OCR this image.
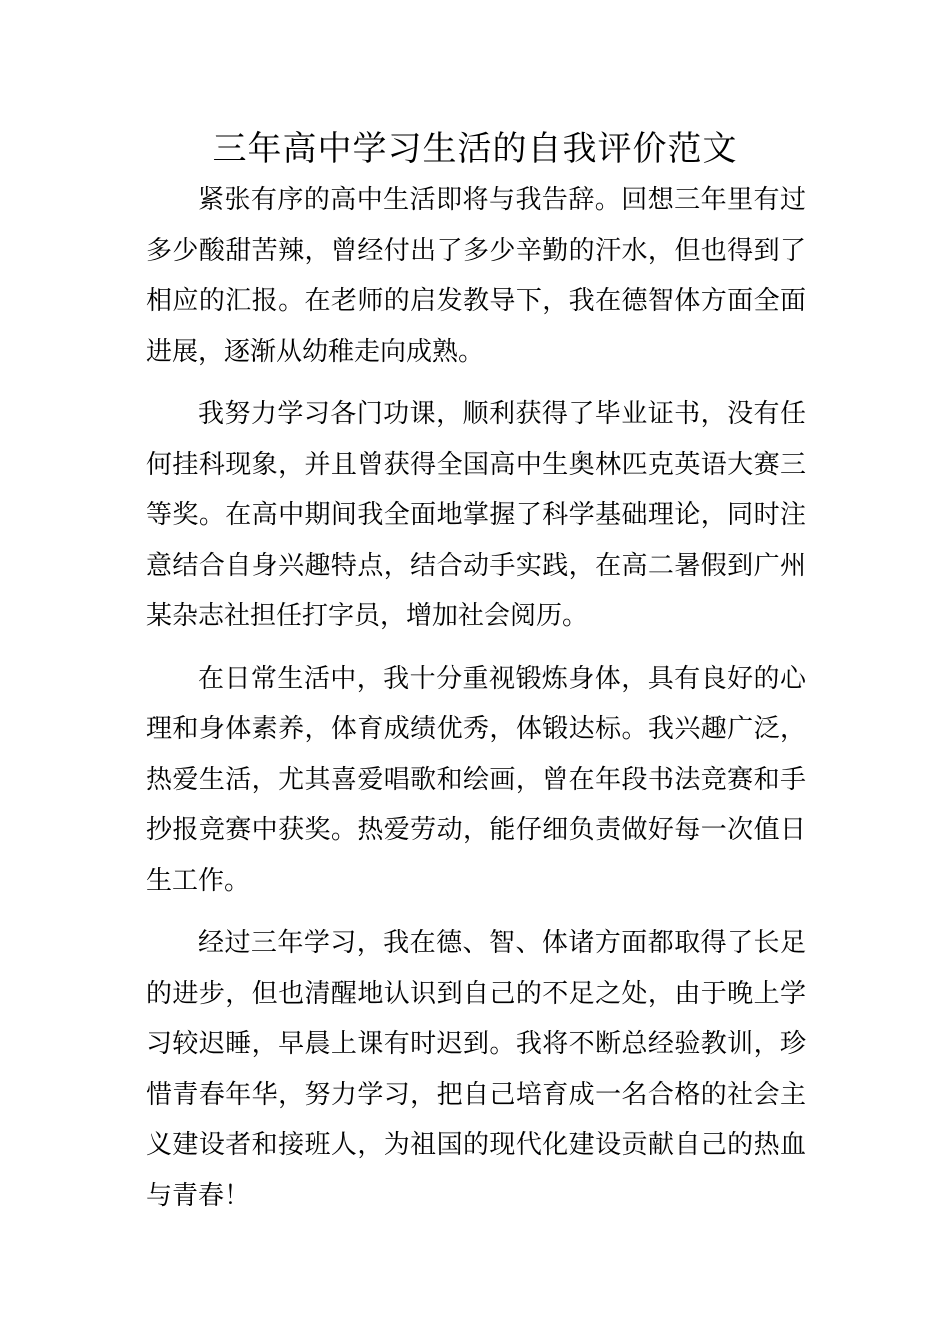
三年高中学习生活的自我评价范文

紧张有序的高中生活即将与我告辞。回想三年里有过多少酸甜苦辣，曾经付出了多少辛勤的汗水，但也得到了相应的汇报。在老师的启发教导下，我在德智体方面全面进展，逐渐从幼稚走向成熟。

我努力学习各门功课，顺利获得了毕业证书，没有任何挂科现象，并且曾获得全国高中生奥林匹克英语大赛三等奖。在高中期间我全面地掌握了科学基础理论，同时注意结合自身兴趣特点，结合动手实践，在高二暑假到广州某杂志社担任打字员，增加社会阅历。

在日常生活中，我十分重视锻炼身体，具有良好的心理和身体素养，体育成绩优秀，体锻达标。我兴趣广泛，热爱生活，尤其喜爱唱歌和绘画，曾在年段书法竞赛和手抄报竞赛中获奖。热爱劳动，能仔细负责做好每一次值日生工作。

经过三年学习，我在德、智、体诸方面都取得了长足的进步，但也清醒地认识到自己的不足之处，由于晚上学习较迟睡，早晨上课有时迟到。我将不断总经验教训，珍惜青春年华，努力学习，把自己培育成一名合格的社会主义建设者和接班人，为祖国的现代化建设贡献自己的热血与青春！
